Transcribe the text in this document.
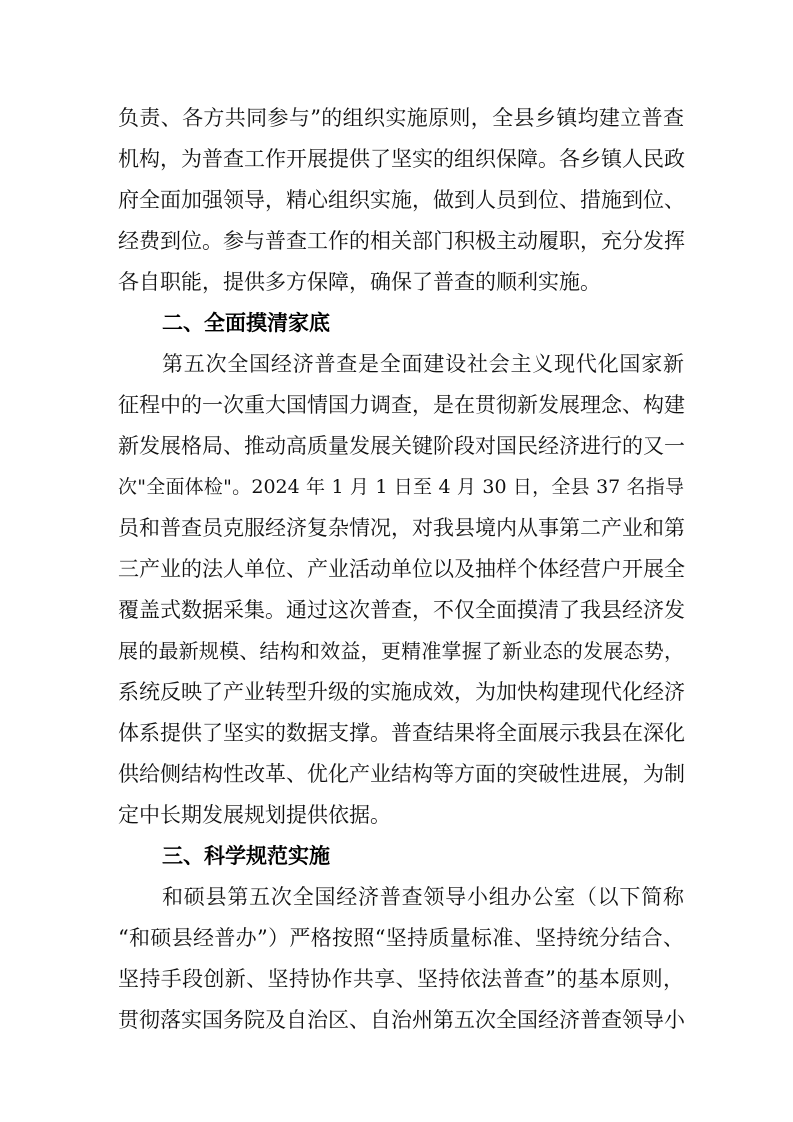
负责、各方共同参与”的组织实施原则，全县乡镇均建立普查
机构，为普查工作开展提供了坚实的组织保障。各乡镇人民政
府全面加强领导，精心组织实施，做到人员到位、措施到位、
经费到位。参与普查工作的相关部门积极主动履职，充分发挥
各自职能，提供多方保障，确保了普查的顺利实施。
二、全面摸清家底
第五次全国经济普查是全面建设社会主义现代化国家新
征程中的一次重大国情国力调查，是在贯彻新发展理念、构建
新发展格局、推动高质量发展关键阶段对国民经济进行的又一
次"全面体检"。2024 年 1 月 1 日至 4 月 30 日，全县 37 名指导
员和普查员克服经济复杂情况，对我县境内从事第二产业和第
三产业的法人单位、产业活动单位以及抽样个体经营户开展全
覆盖式数据采集。通过这次普查，不仅全面摸清了我县经济发
展的最新规模、结构和效益，更精准掌握了新业态的发展态势，
系统反映了产业转型升级的实施成效，为加快构建现代化经济
体系提供了坚实的数据支撑。普查结果将全面展示我县在深化
供给侧结构性改革、优化产业结构等方面的突破性进展，为制
定中长期发展规划提供依据。
三、科学规范实施
和硕县第五次全国经济普查领导小组办公室（以下简称
“和硕县经普办”）严格按照“坚持质量标准、坚持统分结合、
坚持手段创新、坚持协作共享、坚持依法普查”的基本原则，
贯彻落实国务院及自治区、自治州第五次全国经济普查领导小
